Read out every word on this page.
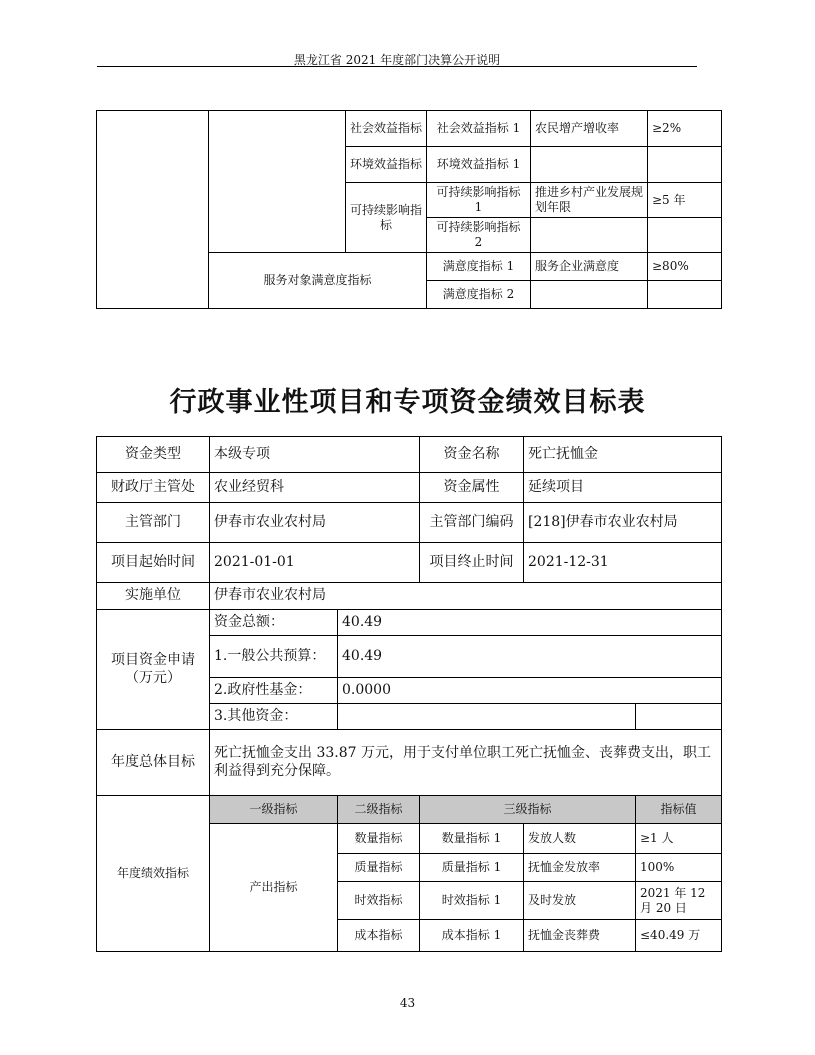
黑龙江省 2021 年度部门决算公开说明
		社会效益指标	社会效益指标 1	农民增产增收率	≥2%
		环境效益指标	环境效益指标 1		
		可持续影响指标	可持续影响指标 1	推进乡村产业发展规划年限	≥5 年
			可持续影响指标 2		
	服务对象满意度指标		满意度指标 1	服务企业满意度	≥80%
			满意度指标 2		
行政事业性项目和专项资金绩效目标表
资金类型	本级专项		资金名称	死亡抚恤金	
财政厅主管处	农业经贸科		资金属性	延续项目	
主管部门	伊春市农业农村局		主管部门编码	[218]伊春市农业农村局	
项目起始时间	2021-01-01		项目终止时间	2021-12-31	
实施单位	伊春市农业农村局				
项目资金申请（万元）	资金总额：	40.49			
	1.一般公共预算：	40.49			
	2.政府性基金：	0.0000			
	3.其他资金：				
年度总体目标	死亡抚恤金支出 33.87 万元，用于支付单位职工死亡抚恤金、丧葬费支出，职工利益得到充分保障。				
年度绩效指标	一级指标	二级指标	三级指标		指标值
	产出指标	数量指标	数量指标 1	发放人数	≥1 人
		质量指标	质量指标 1	抚恤金发放率	100%
		时效指标	时效指标 1	及时发放	2021 年 12 月 20 日
		成本指标	成本指标 1	抚恤金丧葬费	≤40.49 万
43
